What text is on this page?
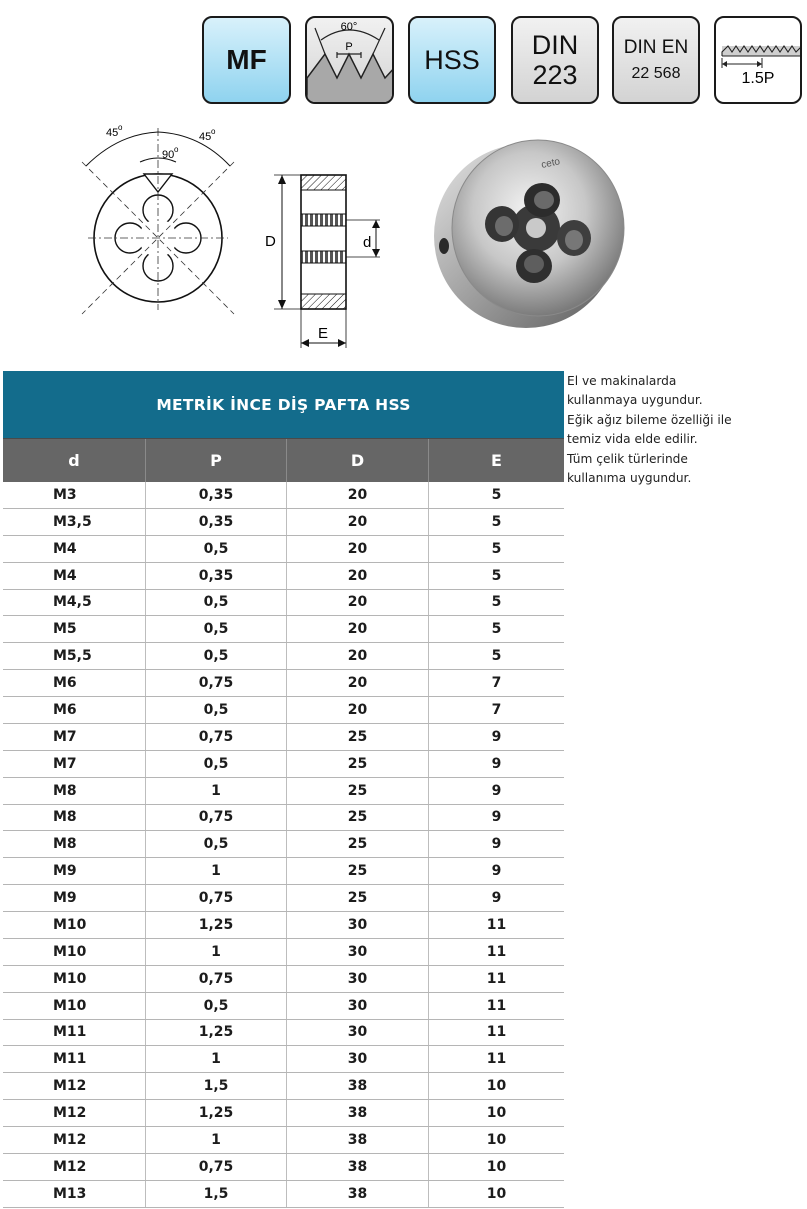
MF
60°
P	HSS DIN
223
DIN EN
22 568	1.5P
45 o
45 o
90 o
D	d
E
ceto
El ve makinalarda
kullanmaya uygundur.
Eğik ağız bileme özelliği ile
temiz vida elde edilir.
Tüm çelik türlerinde
kullanıma uygundur.
METRİK İNCE DİŞ PAFTA HSS
d	P	D	E
M3	0,35	20	5
M3,5	0,35	20	5
M4	0,5	20	5
M4	0,35	20	5
M4,5	0,5	20	5
M5	0,5	20	5
M5,5	0,5	20	5
M6	0,75	20	7
M6	0,5	20	7
M7	0,75	25	9
M7	0,5	25	9
M8	1	25	9
M8	0,75	25	9
M8	0,5	25	9
M9	1	25	9
M9	0,75	25	9
M10	1,25	30	11
M10	1	30	11
M10	0,75	30	11
M10	0,5	30	11
M11	1,25	30	11
M11	1	30	11
M12	1,5	38	10
M12	1,25	38	10
M12	1	38	10
M12	0,75	38	10
M13	1,5	38	10
